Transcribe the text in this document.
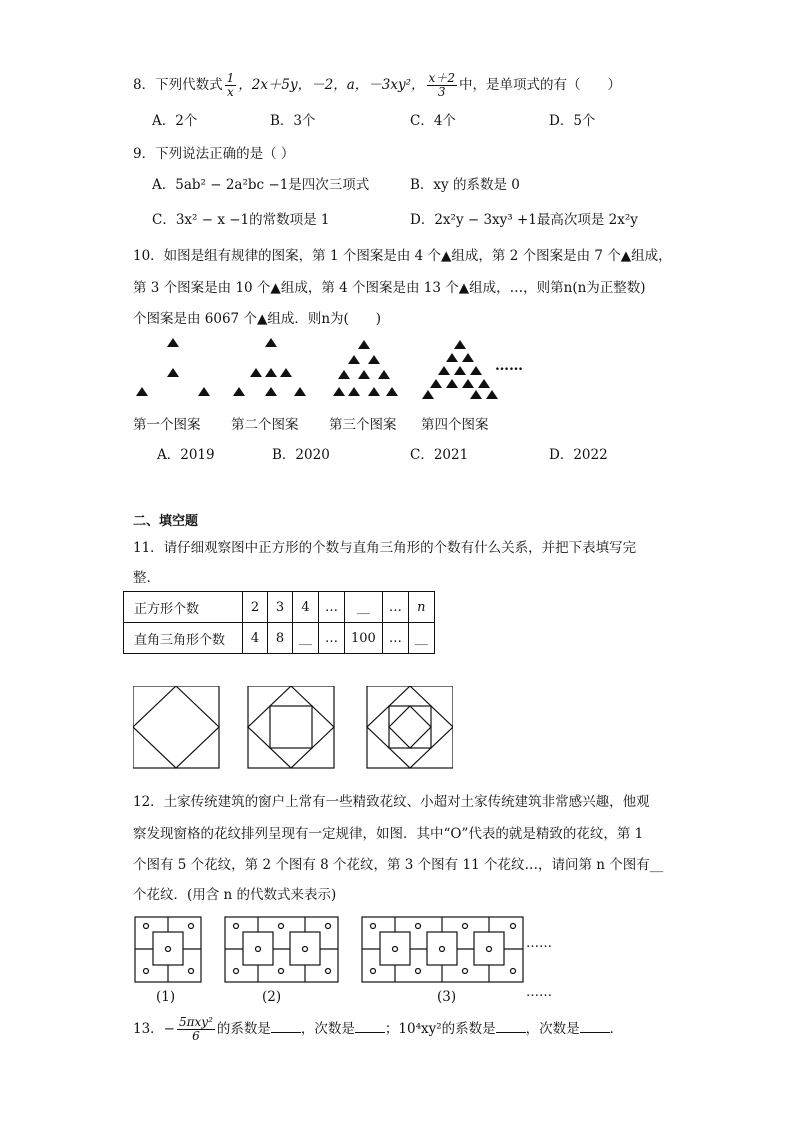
8．下列代数式 $\frac{1}{x}$ ，2x＋5y，－2，a，－3xy²， $\frac{x+2}{3}$ 中，是单项式的有（　　）
A．2个	B．3个	C．4个	D．5个
9．下列说法正确的是（ ）
A．5ab² − 2a²bc −1是四次三项式	B．xy 的系数是 0
C．3x² − x −1的常数项是 1	D．2x²y − 3xy³ +1最高次项是 2x²y
10．如图是组有规律的图案，第 1 个图案是由 4 个▲组成，第 2 个图案是由 7 个▲组成，
第 3 个图案是由 10 个▲组成，第 4 个图案是由 13 个▲组成，…，则第n(n为正整数)
个图案是由 6067 个▲组成．则n为(　　)
……
第一个图案 第二个图案 第三个图案 第四个图案
A．2019	B．2020	C．2021	D．2022
二、填空题
11．请仔细观察图中正方形的个数与直角三角形的个数有什么关系，并把下表填写完
整．
正方形个数	2	3	4	…	__	…	n
直角三角形个数	4	8	__	…	100	…	__
12．土家传统建筑的窗户上常有一些精致花纹、小超对土家传统建筑非常感兴趣，他观
察发现窗格的花纹排列呈现有一定规律，如图．其中“O”代表的就是精致的花纹，第 1
个图有 5 个花纹，第 2 个图有 8 个花纹，第 3 个图有 11 个花纹…，请问第 n 个图有__
个花纹．(用含 n 的代数式来表示)
……
……
(1)	(2)	(3)
13．− $\frac{\text{5πxy²}}{6}$ 的系数是 ，次数是 ；10⁴xy²的系数是 ，次数是 ．
